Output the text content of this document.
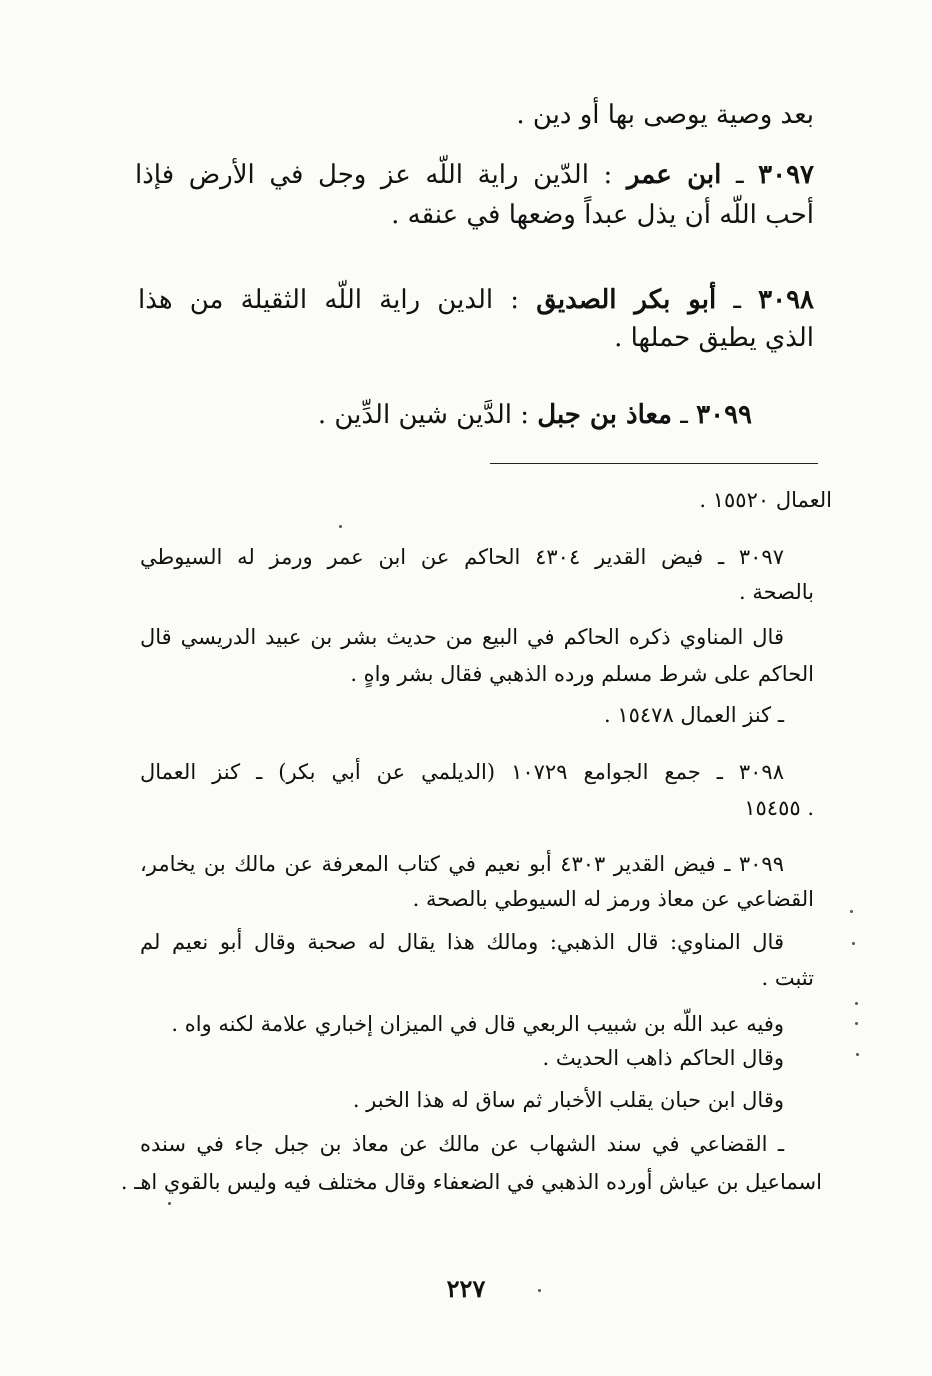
بعد وصية يوصى بها أو دين .
٣٠٩٧ ـ ابن عمر : الدّين راية اللّه عز وجل في الأرض فإذا
أحب اللّه أن يذل عبداً وضعها في عنقه .
٣٠٩٨ ـ أبو بكر الصديق : الدين راية اللّه الثقيلة من هذا
الذي يطيق حملها .
٣٠٩٩ ـ معاذ بن جبل : الدَّين شين الدِّين .
العمال ١٥٥٢٠ .
٣٠٩٧ ـ فيض القدير ٤٣٠٤ الحاكم عن ابن عمر ورمز له السيوطي
بالصحة .
قال المناوي ذكره الحاكم في البيع من حديث بشر بن عبيد الدريسي قال
الحاكم على شرط مسلم ورده الذهبي فقال بشر واهٍ .
ـ كنز العمال ١٥٤٧٨ .
٣٠٩٨ ـ جمع الجوامع ١٠٧٢٩ (الديلمي عن أبي بكر) ـ كنز العمال
١٥٤٥٥ .
٣٠٩٩ ـ فيض القدير ٤٣٠٣ أبو نعيم في كتاب المعرفة عن مالك بن يخامر،
القضاعي عن معاذ ورمز له السيوطي بالصحة .
قال المناوي: قال الذهبي: ومالك هذا يقال له صحبة وقال أبو نعيم لم
تثبت .
وفيه عبد اللّه بن شبيب الربعي قال في الميزان إخباري علامة لكنه واه .
وقال الحاكم ذاهب الحديث .
وقال ابن حبان يقلب الأخبار ثم ساق له هذا الخبر .
ـ القضاعي في سند الشهاب عن مالك عن معاذ بن جبل جاء في سنده
اسماعيل بن عياش أورده الذهبي في الضعفاء وقال مختلف فيه وليس بالقوي اهـ .
٢٢٧
